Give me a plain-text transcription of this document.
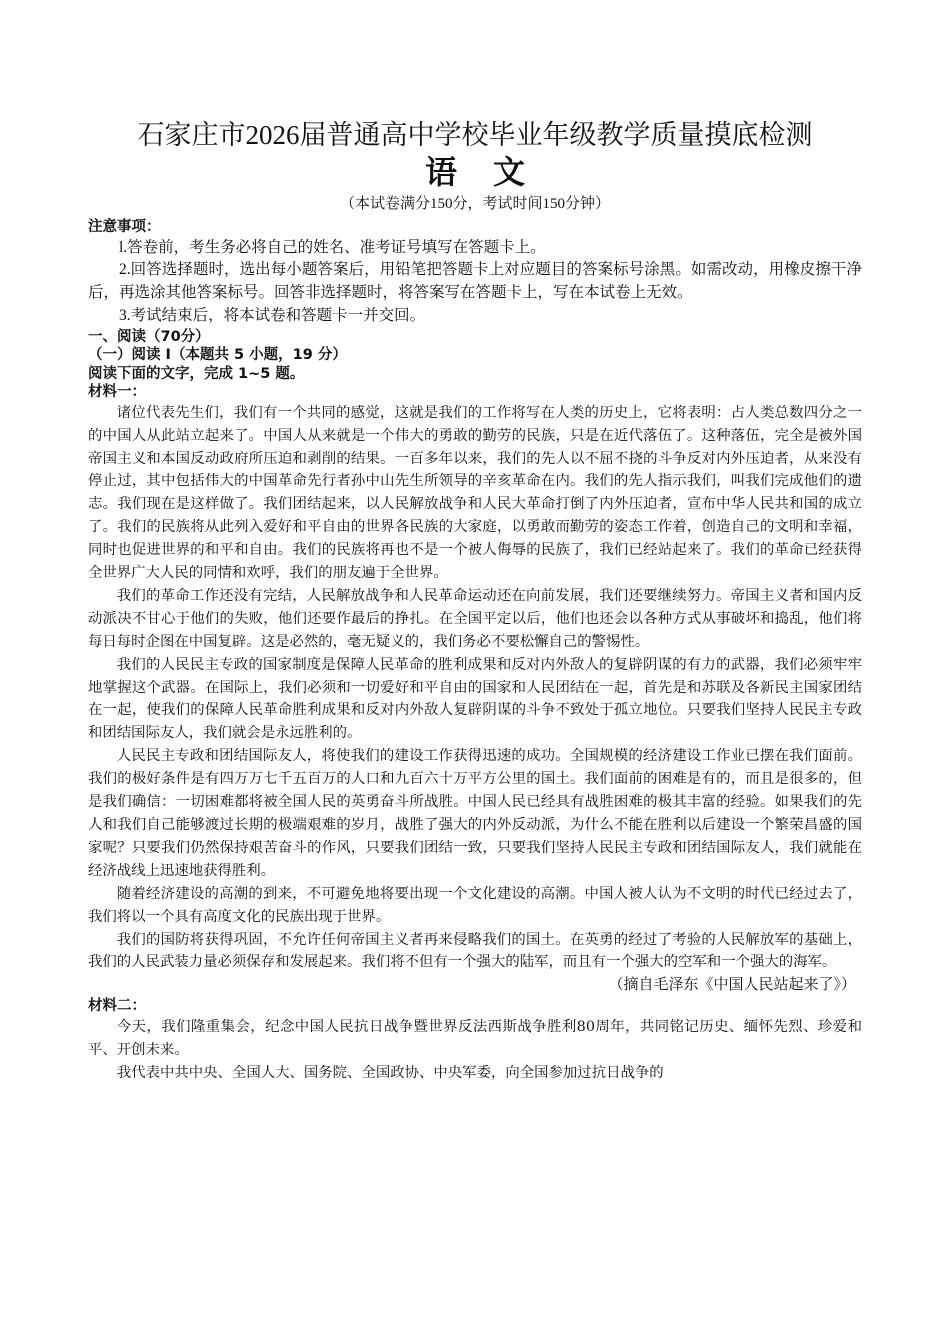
石家庄市2026届普通高中学校毕业年级教学质量摸底检测
语 文
（本试卷满分150分，考试时间150分钟）
注意事项：

l.答卷前，考生务必将自己的姓名、准考证号填写在答题卡上。

2.回答选择题时，选出每小题答案后，用铅笔把答题卡上对应题目的答案标号涂黑。如需改动，用橡皮擦干净后，再选涂其他答案标号。回答非选择题时，将答案写在答题卡上，写在本试卷上无效。

3.考试结束后，将本试卷和答题卡一并交回。

一、阅读（70分）
（一）阅读 I（本题共 5 小题，19 分）
阅读下面的文字，完成 1~5 题。
材料一：

诸位代表先生们，我们有一个共同的感觉，这就是我们的工作将写在人类的历史上，它将表明：占人类总数四分之一的中国人从此站立起来了。中国人从来就是一个伟大的勇敢的勤劳的民族，只是在近代落伍了。这种落伍，完全是被外国帝国主义和本国反动政府所压迫和剥削的结果。一百多年以来，我们的先人以不屈不挠的斗争反对内外压迫者，从来没有停止过，其中包括伟大的中国革命先行者孙中山先生所领导的辛亥革命在内。我们的先人指示我们，叫我们完成他们的遗志。我们现在是这样做了。我们团结起来，以人民解放战争和人民大革命打倒了内外压迫者，宣布中华人民共和国的成立了。我们的民族将从此列入爱好和平自由的世界各民族的大家庭，以勇敢而勤劳的姿态工作着，创造自己的文明和幸福，同时也促进世界的和平和自由。我们的民族将再也不是一个被人侮辱的民族了，我们已经站起来了。我们的革命已经获得全世界广大人民的同情和欢呼，我们的朋友遍于全世界。

我们的革命工作还没有完结，人民解放战争和人民革命运动还在向前发展，我们还要继续努力。帝国主义者和国内反动派决不甘心于他们的失败，他们还要作最后的挣扎。在全国平定以后，他们也还会以各种方式从事破坏和捣乱，他们将每日每时企图在中国复辟。这是必然的，毫无疑义的，我们务必不要松懈自己的警惕性。

我们的人民民主专政的国家制度是保障人民革命的胜利成果和反对内外敌人的复辟阴谋的有力的武器，我们必须牢牢地掌握这个武器。在国际上，我们必须和一切爱好和平自由的国家和人民团结在一起，首先是和苏联及各新民主国家团结在一起，使我们的保障人民革命胜利成果和反对内外敌人复辟阴谋的斗争不致处于孤立地位。只要我们坚持人民民主专政和团结国际友人，我们就会是永远胜利的。

人民民主专政和团结国际友人，将使我们的建设工作获得迅速的成功。全国规模的经济建设工作业已摆在我们面前。我们的极好条件是有四万万七千五百万的人口和九百六十万平方公里的国土。我们面前的困难是有的，而且是很多的，但是我们确信：一切困难都将被全国人民的英勇奋斗所战胜。中国人民已经具有战胜困难的极其丰富的经验。如果我们的先人和我们自己能够渡过长期的极端艰难的岁月，战胜了强大的内外反动派，为什么不能在胜利以后建设一个繁荣昌盛的国家呢？只要我们仍然保持艰苦奋斗的作风，只要我们团结一致，只要我们坚持人民民主专政和团结国际友人，我们就能在经济战线上迅速地获得胜利。

随着经济建设的高潮的到来，不可避免地将要出现一个文化建设的高潮。中国人被人认为不文明的时代已经过去了，我们将以一个具有高度文化的民族出现于世界。

我们的国防将获得巩固，不允许任何帝国主义者再来侵略我们的国土。在英勇的经过了考验的人民解放军的基础上，我们的人民武装力量必须保存和发展起来。我们将不但有一个强大的陆军，而且有一个强大的空军和一个强大的海军。

（摘自毛泽东《中国人民站起来了》）
材料二：

今天，我们隆重集会，纪念中国人民抗日战争暨世界反法西斯战争胜利80周年，共同铭记历史、缅怀先烈、珍爱和平、开创未来。

我代表中共中央、全国人大、国务院、全国政协、中央军委，向全国参加过抗日战争的
